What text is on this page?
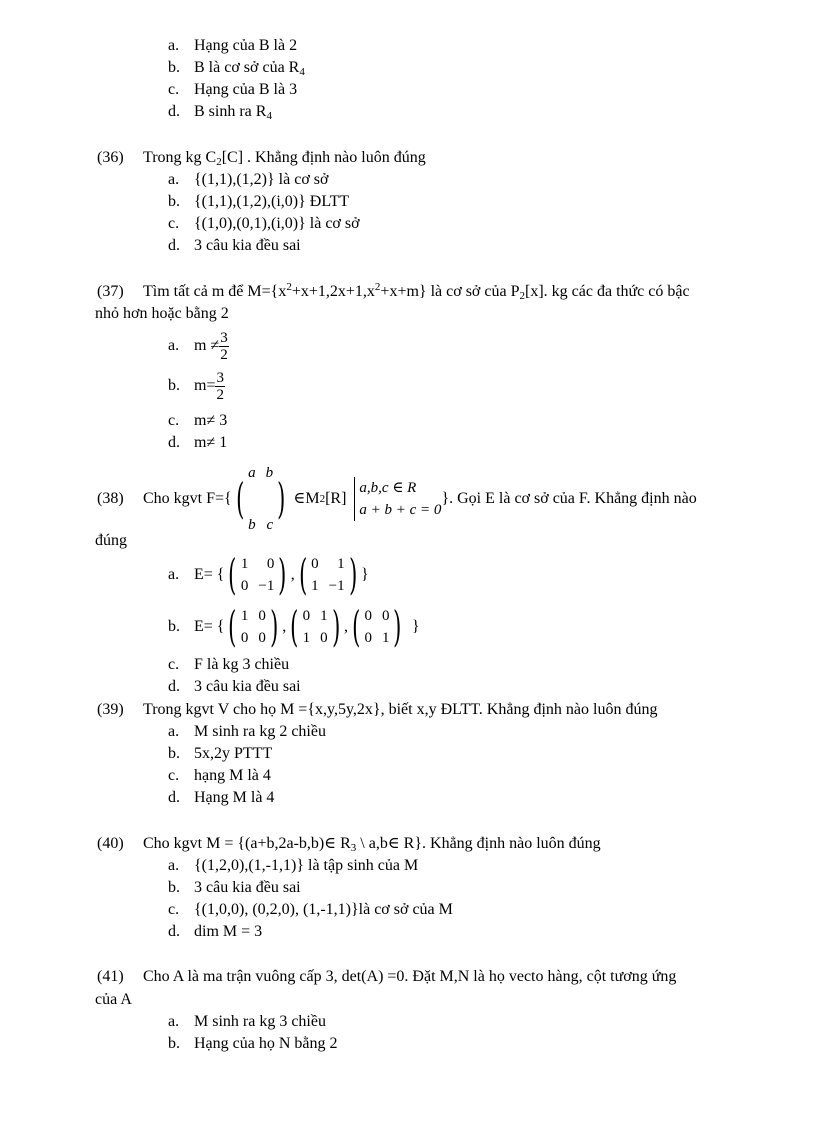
a. Hạng của B là 2
b. B là cơ sở của $R_4$
c. Hạng của B là 3
d. B sinh ra $R_4$
(36) Trong kg $C_2[C]$ . Khẳng định nào luôn đúng
a. {(1,1),(1,2)} là cơ sở
b. {(1,1),(1,2),(i,0)} ĐLTT
c. {(1,0),(0,1),(i,0)} là cơ sở
d. 3 câu kia đều sai
(37) Tìm tất cả m để $M=\{x^2+x+1,2x+1,x^2+x+m\}$ là cơ sở của $P_2[x]$. kg các đa thức có bậc
nhỏ hơn hoặc bằng 2
a. $m \ne \frac{3}{2}$
b. $m= \frac{3}{2}$
c. m≠ 3
d. m≠ 1
(38) Cho kgvt F={ (
a b
b c
) ∈M 2 [R]
a,b,c ∈ R
a + b + c = 0
}. Gọi E là cơ sở của F. Khẳng định nào
đúng
a. E= { ( 1	0
0 −1 ) , ( 0	1
1 −1 ) }
b. E= { ( 1 0
0 0 ) , ( 0 1
1 0 ) , ( 0 0
0 1 ) }
c. F là kg 3 chiều
d. 3 câu kia đều sai
(39) Trong kgvt V cho họ M ={x,y,5y,2x}, biết x,y ĐLTT. Khẳng định nào luôn đúng
a. M sinh ra kg 2 chiều
b. 5x,2y PTTT
c. hạng M là 4
d. Hạng M là 4
(40) Cho kgvt M = {(a+b,2a-b,b)∈ $R_3$ \ a,b∈ R}. Khẳng định nào luôn đúng
a. {(1,2,0),(1,-1,1)} là tập sinh của M
b. 3 câu kia đều sai
c. {(1,0,0), (0,2,0), (1,-1,1)}là cơ sở của M
d. dim M = 3
(41) Cho A là ma trận vuông cấp 3, det(A) =0. Đặt M,N là họ vecto hàng, cột tương ứng
của A
a. M sinh ra kg 3 chiều
b. Hạng của họ N bằng 2
